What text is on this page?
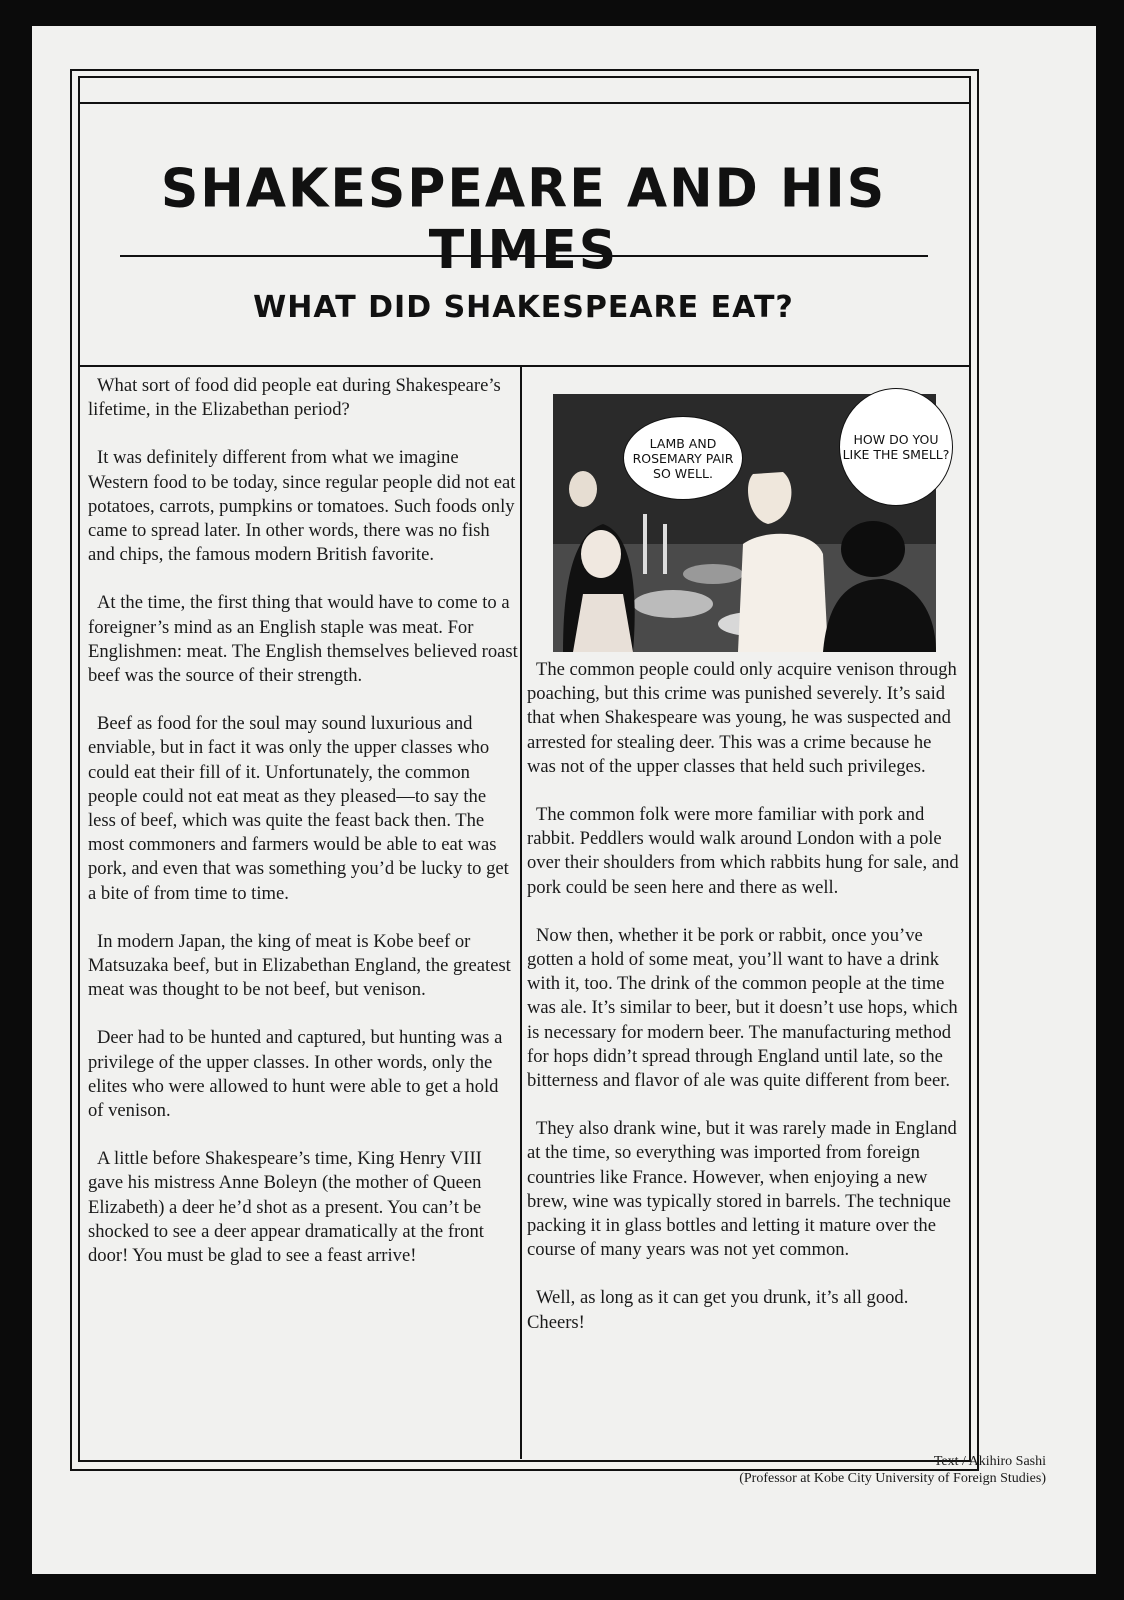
SHAKESPEARE AND HIS TIMES
WHAT DID SHAKESPEARE EAT?

What sort of food did people eat during Shakespeare’s lifetime, in the Elizabethan period?

It was definitely different from what we imagine Western food to be today, since regular people did not eat potatoes, carrots, pumpkins or tomatoes. Such foods only came to spread later. In other words, there was no fish and chips, the famous modern British favorite.

At the time, the first thing that would have to come to a foreigner’s mind as an English staple was meat. For Englishmen: meat. The English themselves believed roast beef was the source of their strength.

Beef as food for the soul may sound luxurious and enviable, but in fact it was only the upper classes who could eat their fill of it. Unfortunately, the common people could not eat meat as they pleased—to say the less of beef, which was quite the feast back then. The most commoners and farmers would be able to eat was pork, and even that was something you’d be lucky to get a bite of from time to time.

In modern Japan, the king of meat is Kobe beef or Matsuzaka beef, but in Elizabethan England, the greatest meat was thought to be not beef, but venison.

Deer had to be hunted and captured, but hunting was a privilege of the upper classes. In other words, only the elites who were allowed to hunt were able to get a hold of venison.

A little before Shakespeare’s time, King Henry VIII gave his mistress Anne Boleyn (the mother of Queen Elizabeth) a deer he’d shot as a present. You can’t be shocked to see a deer appear dramatically at the front door! You must be glad to see a feast arrive!

LAMB AND ROSEMARY PAIR SO WELL.
HOW DO YOU LIKE THE SMELL?

The common people could only acquire venison through poaching, but this crime was punished severely. It’s said that when Shakespeare was young, he was suspected and arrested for stealing deer. This was a crime because he was not of the upper classes that held such privileges.

The common folk were more familiar with pork and rabbit. Peddlers would walk around London with a pole over their shoulders from which rabbits hung for sale, and pork could be seen here and there as well.

Now then, whether it be pork or rabbit, once you’ve gotten a hold of some meat, you’ll want to have a drink with it, too. The drink of the common people at the time was ale. It’s similar to beer, but it doesn’t use hops, which is necessary for modern beer. The manufacturing method for hops didn’t spread through England until late, so the bitterness and flavor of ale was quite different from beer.

They also drank wine, but it was rarely made in England at the time, so everything was imported from foreign countries like France. However, when enjoying a new brew, wine was typically stored in barrels. The technique packing it in glass bottles and letting it mature over the course of many years was not yet common.

Well, as long as it can get you drunk, it’s all good. Cheers!

Text / Akihiro Sashi
(Professor at Kobe City University of Foreign Studies)
